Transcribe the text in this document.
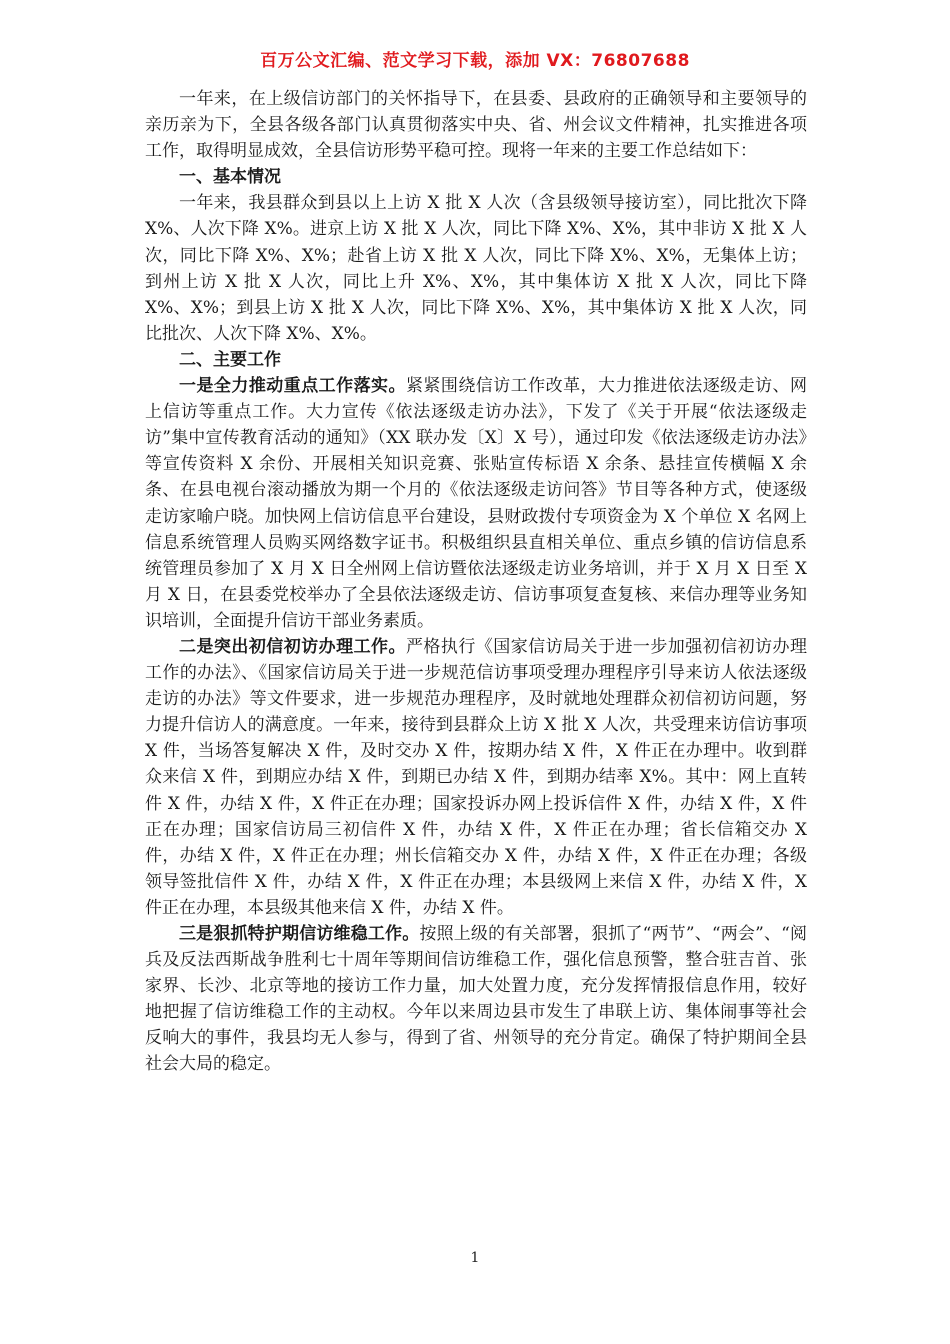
百万公文汇编、范文学习下载，添加 VX：76807688

一年来，在上级信访部门的关怀指导下，在县委、县政府的正确领导和主要领导的亲历亲为下，全县各级各部门认真贯彻落实中央、省、州会议文件精神，扎实推进各项工作，取得明显成效，全县信访形势平稳可控。现将一年来的主要工作总结如下：

一、基本情况

一年来，我县群众到县以上上访 X 批 X 人次（含县级领导接访室），同比批次下降 X%、人次下降 X%。进京上访 X 批 X 人次，同比下降 X%、X%，其中非访 X 批 X 人次，同比下降 X%、X%；赴省上访 X 批 X 人次，同比下降 X%、X%，无集体上访；到州上访 X 批 X 人次，同比上升 X%、X%，其中集体访 X 批 X 人次，同比下降 X%、X%；到县上访 X 批 X 人次，同比下降 X%、X%，其中集体访 X 批 X 人次，同比批次、人次下降 X%、X%。

二、主要工作

一是全力推动重点工作落实。紧紧围绕信访工作改革，大力推进依法逐级走访、网上信访等重点工作。大力宣传《依法逐级走访办法》，下发了《关于开展“依法逐级走访”集中宣传教育活动的通知》（XX 联办发〔X〕X 号），通过印发《依法逐级走访办法》等宣传资料 X 余份、开展相关知识竞赛、张贴宣传标语 X 余条、悬挂宣传横幅 X 余条、在县电视台滚动播放为期一个月的《依法逐级走访问答》节目等各种方式，使逐级走访家喻户晓。加快网上信访信息平台建设，县财政拨付专项资金为 X 个单位 X 名网上信息系统管理人员购买网络数字证书。积极组织县直相关单位、重点乡镇的信访信息系统管理员参加了 X 月 X 日全州网上信访暨依法逐级走访业务培训，并于 X 月 X 日至 X 月 X 日，在县委党校举办了全县依法逐级走访、信访事项复查复核、来信办理等业务知识培训，全面提升信访干部业务素质。

二是突出初信初访办理工作。严格执行《国家信访局关于进一步加强初信初访办理工作的办法》、《国家信访局关于进一步规范信访事项受理办理程序引导来访人依法逐级走访的办法》等文件要求，进一步规范办理程序，及时就地处理群众初信初访问题，努力提升信访人的满意度。一年来，接待到县群众上访 X 批 X 人次，共受理来访信访事项 X 件，当场答复解决 X 件，及时交办 X 件，按期办结 X 件，X 件正在办理中。收到群众来信 X 件，到期应办结 X 件，到期已办结 X 件，到期办结率 X%。其中：网上直转件 X 件，办结 X 件，X 件正在办理；国家投诉办网上投诉信件 X 件，办结 X 件，X 件正在办理；国家信访局三初信件 X 件，办结 X 件，X 件正在办理；省长信箱交办 X 件，办结 X 件，X 件正在办理；州长信箱交办 X 件，办结 X 件，X 件正在办理；各级领导签批信件 X 件，办结 X 件，X 件正在办理；本县级网上来信 X 件，办结 X 件，X 件正在办理，本县级其他来信 X 件，办结 X 件。

三是狠抓特护期信访维稳工作。按照上级的有关部署，狠抓了“两节”、“两会”、“阅兵及反法西斯战争胜利七十周年等期间信访维稳工作，强化信息预警，整合驻吉首、张家界、长沙、北京等地的接访工作力量，加大处置力度，充分发挥情报信息作用，较好地把握了信访维稳工作的主动权。今年以来周边县市发生了串联上访、集体闹事等社会反响大的事件，我县均无人参与，得到了省、州领导的充分肯定。确保了特护期间全县社会大局的稳定。

1
